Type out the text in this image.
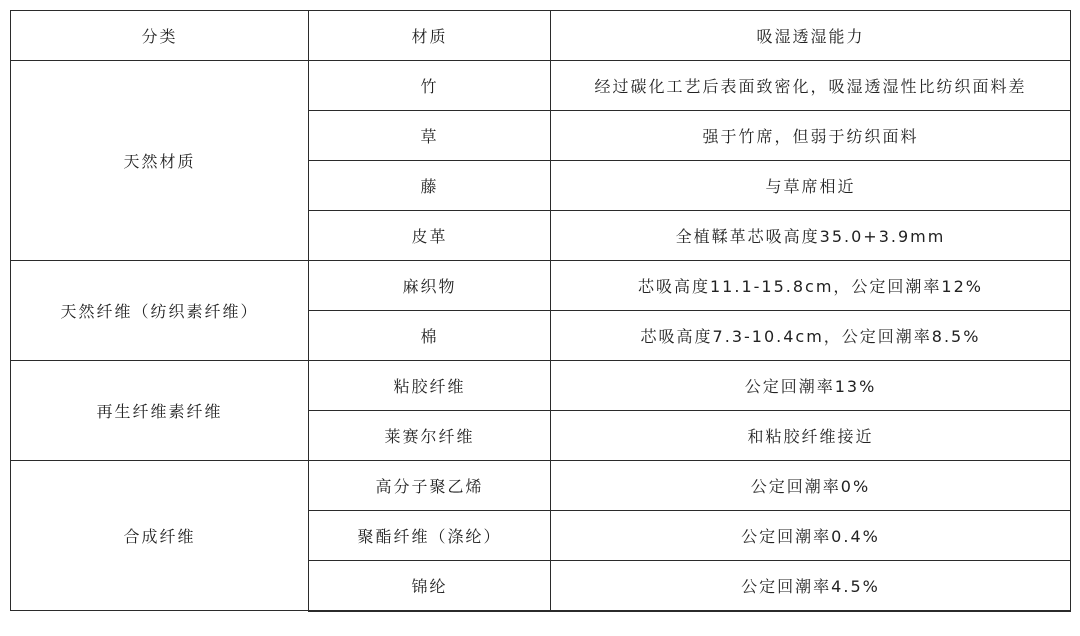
分类	材质	吸湿透湿能力
天然材质	竹	经过碳化工艺后表面致密化，吸湿透湿性比纺织面料差
	草	强于竹席，但弱于纺织面料
	藤	与草席相近
	皮革	全植鞣革芯吸高度35.0+3.9mm
天然纤维（纺织素纤维）	麻织物	芯吸高度11.1-15.8cm，公定回潮率12%
	棉	芯吸高度7.3-10.4cm，公定回潮率8.5%
再生纤维素纤维	粘胶纤维	公定回潮率13%
	莱赛尔纤维	和粘胶纤维接近
合成纤维	高分子聚乙烯	公定回潮率0%
	聚酯纤维（涤纶）	公定回潮率0.4%
	锦纶	公定回潮率4.5%
